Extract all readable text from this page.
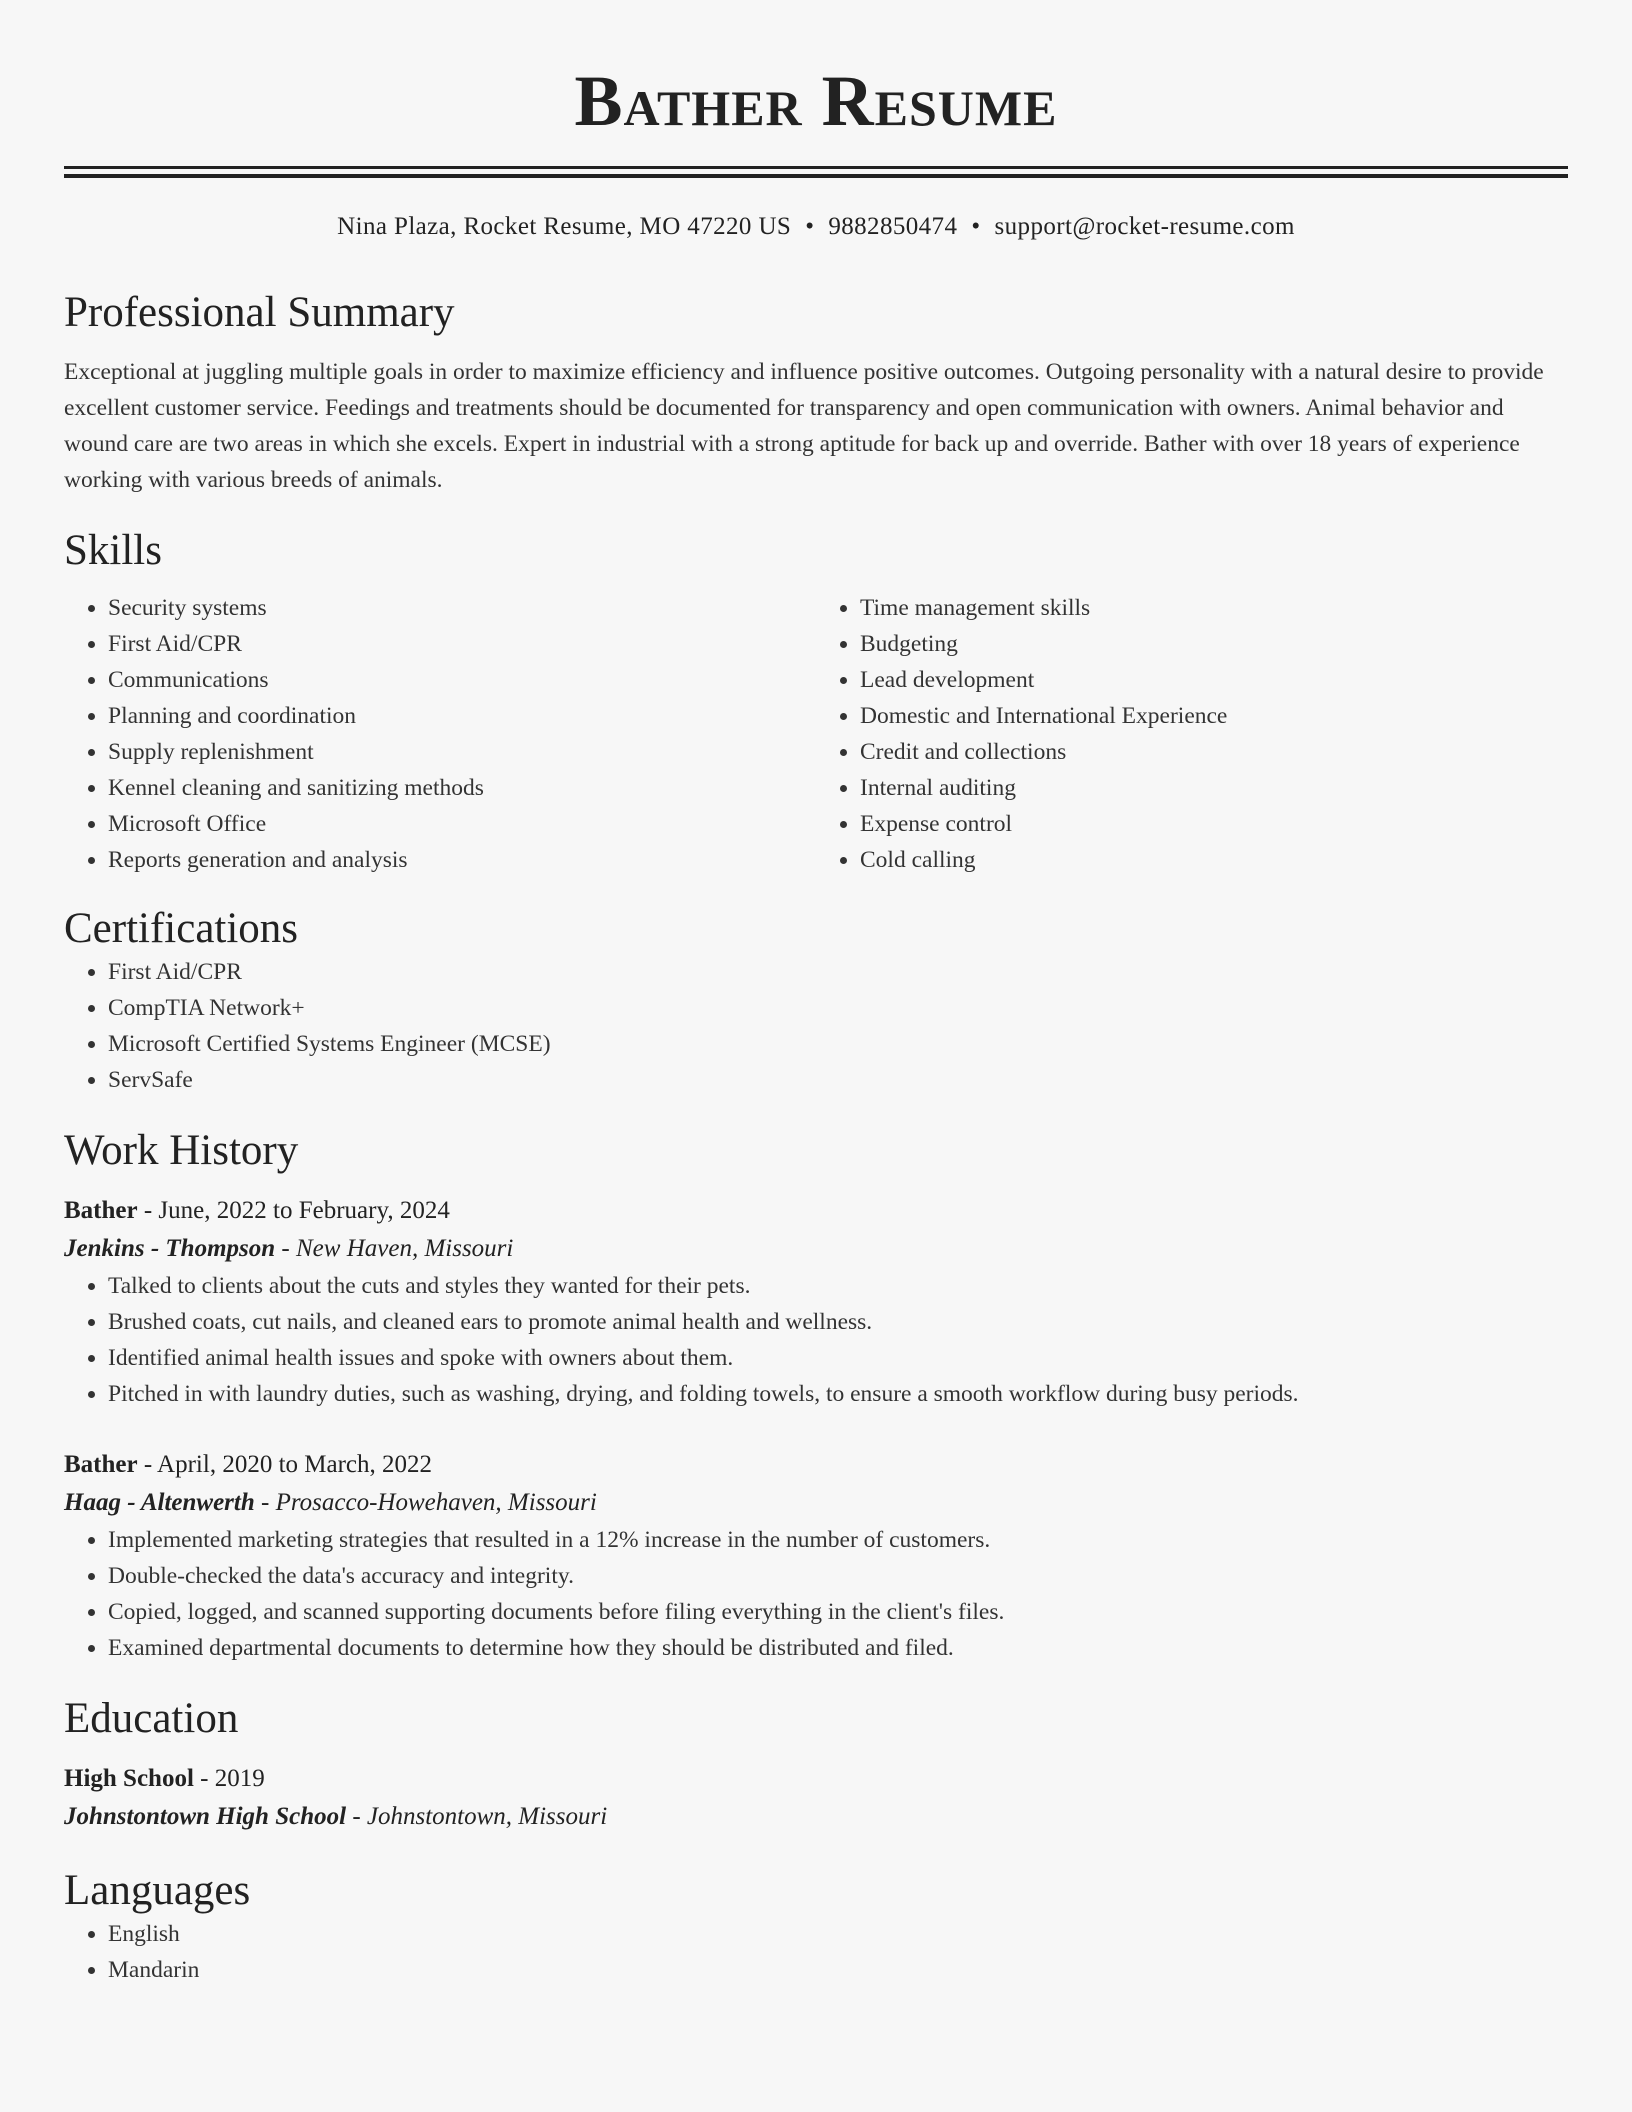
Bather Resume
Nina Plaza, Rocket Resume, MO 47220 US • 9882850474 • support@rocket-resume.com
Professional Summary

Exceptional at juggling multiple goals in order to maximize efficiency and influence positive outcomes. Outgoing personality with a natural desire to provide excellent customer service. Feedings and treatments should be documented for transparency and open communication with owners. Animal behavior and wound care are two areas in which she excels. Expert in industrial with a strong aptitude for back up and override. Bather with over 18 years of experience working with various breeds of animals.

Skills
• Security systems
• First Aid/CPR
• Communications
• Planning and coordination
• Supply replenishment
• Kennel cleaning and sanitizing methods
• Microsoft Office
• Reports generation and analysis
• Time management skills
• Budgeting
• Lead development
• Domestic and International Experience
• Credit and collections
• Internal auditing
• Expense control
• Cold calling
Certifications
• First Aid/CPR
• CompTIA Network+
• Microsoft Certified Systems Engineer (MCSE)
• ServSafe
Work History
Bather - June, 2022 to February, 2024
Jenkins - Thompson - New Haven, Missouri
• Talked to clients about the cuts and styles they wanted for their pets.
• Brushed coats, cut nails, and cleaned ears to promote animal health and wellness.
• Identified animal health issues and spoke with owners about them.
• Pitched in with laundry duties, such as washing, drying, and folding towels, to ensure a smooth workflow during busy periods.
Bather - April, 2020 to March, 2022
Haag - Altenwerth - Prosacco-Howehaven, Missouri
• Implemented marketing strategies that resulted in a 12% increase in the number of customers.
• Double-checked the data's accuracy and integrity.
• Copied, logged, and scanned supporting documents before filing everything in the client's files.
• Examined departmental documents to determine how they should be distributed and filed.
Education
High School - 2019
Johnstontown High School - Johnstontown, Missouri
Languages
• English
• Mandarin
